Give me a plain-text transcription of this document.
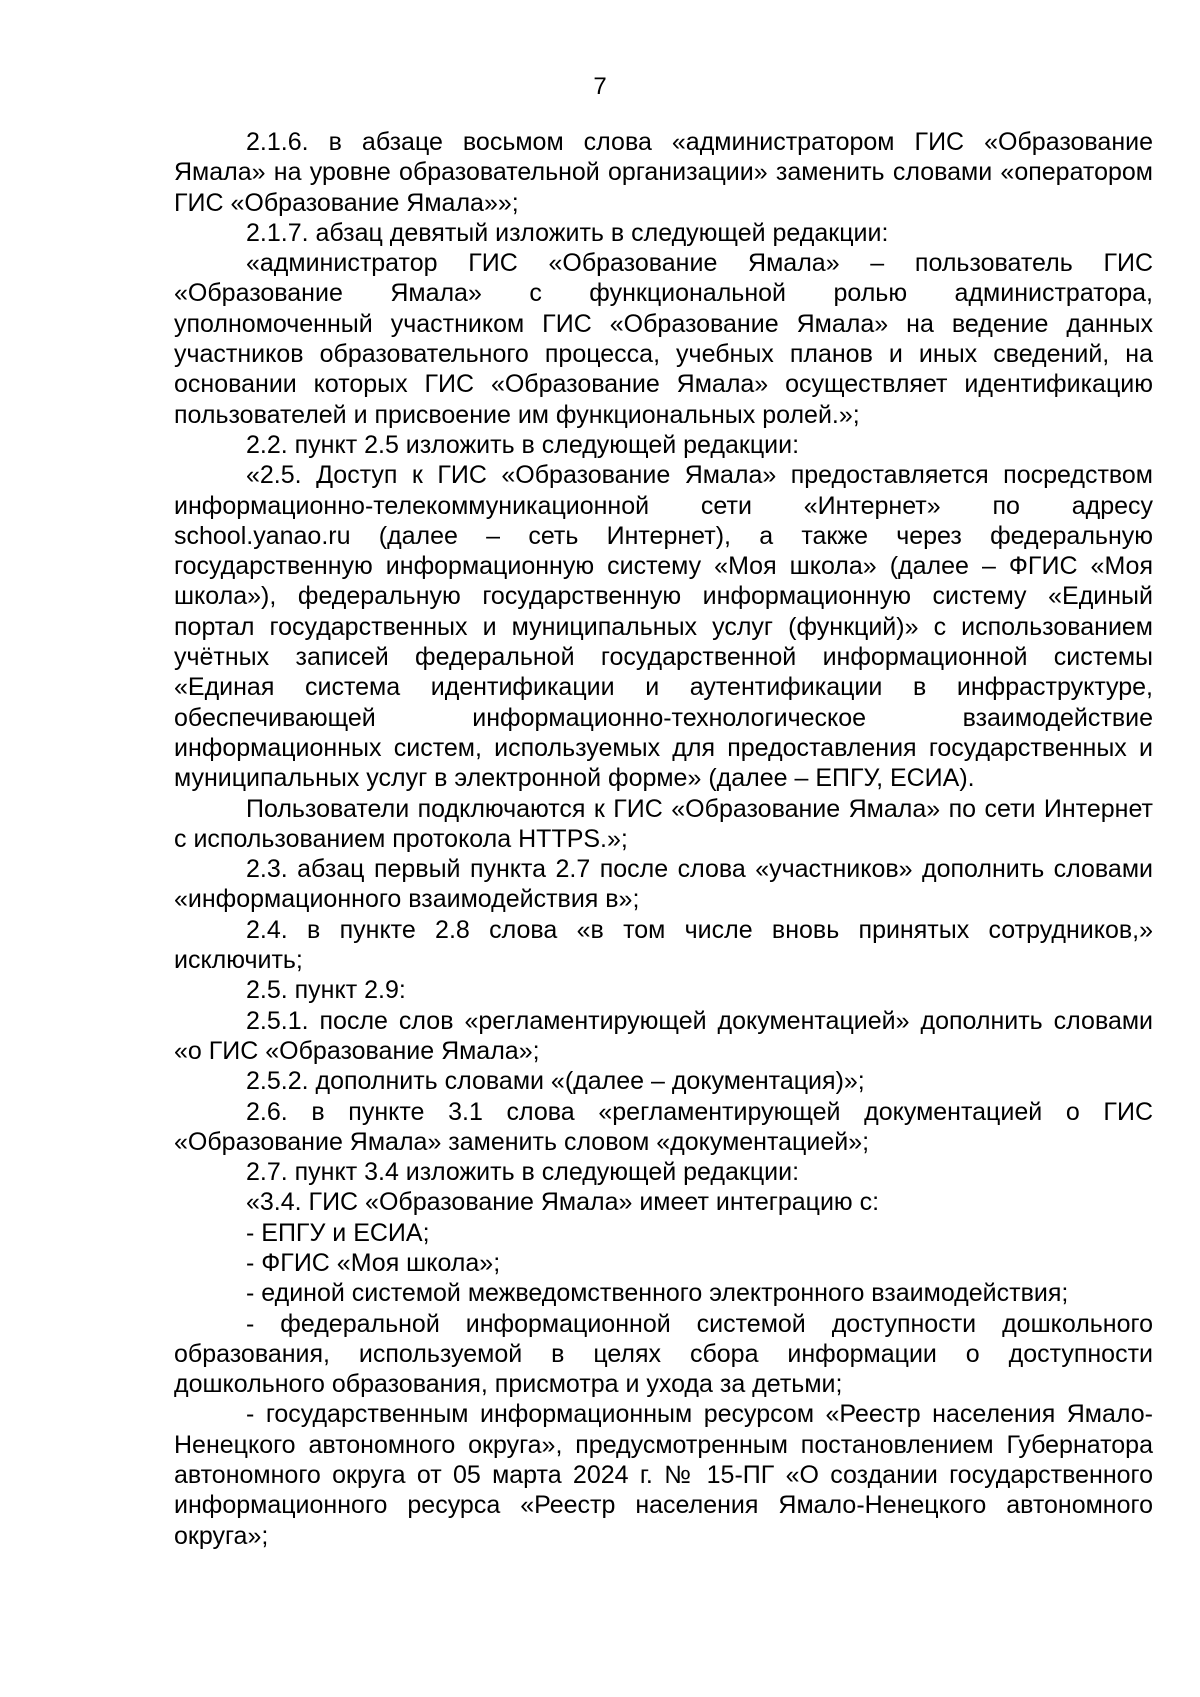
7

2.1.6. в абзаце восьмом слова «администратором ГИС «Образование Ямала» на уровне образовательной организации» заменить словами «оператором ГИС «Образование Ямала»»;

2.1.7. абзац девятый изложить в следующей редакции:

«администратор ГИС «Образование Ямала» – пользователь ГИС «Образование Ямала» с функциональной ролью администратора, уполномоченный участником ГИС «Образование Ямала» на ведение данных участников образовательного процесса, учебных планов и иных сведений, на основании которых ГИС «Образование Ямала» осуществляет идентификацию пользователей и присвоение им функциональных ролей.»;

2.2. пункт 2.5 изложить в следующей редакции:

«2.5. Доступ к ГИС «Образование Ямала» предоставляется посредством информационно-телекоммуникационной сети «Интернет» по адресу school.yanao.ru (далее – сеть Интернет), а также через федеральную государственную информационную систему «Моя школа» (далее – ФГИС «Моя школа»), федеральную государственную информационную систему «Единый портал государственных и муниципальных услуг (функций)» с использованием учётных записей федеральной государственной информационной системы «Единая система идентификации и аутентификации в инфраструктуре, обеспечивающей информационно-технологическое взаимодействие информационных систем, используемых для предоставления государственных и муниципальных услуг в электронной форме» (далее – ЕПГУ, ЕСИА).

Пользователи подключаются к ГИС «Образование Ямала» по сети Интернет с использованием протокола HTTPS.»;

2.3. абзац первый пункта 2.7 после слова «участников» дополнить словами «информационного взаимодействия в»;

2.4. в пункте 2.8 слова «в том числе вновь принятых сотрудников,» исключить;

2.5. пункт 2.9:

2.5.1. после слов «регламентирующей документацией» дополнить словами «о ГИС «Образование Ямала»;

2.5.2. дополнить словами «(далее – документация)»;

2.6. в пункте 3.1 слова «регламентирующей документацией о ГИС «Образование Ямала» заменить словом «документацией»;

2.7. пункт 3.4 изложить в следующей редакции:

«3.4. ГИС «Образование Ямала» имеет интеграцию с:

- ЕПГУ и ЕСИА;

- ФГИС «Моя школа»;

- единой системой межведомственного электронного взаимодействия;

- федеральной информационной системой доступности дошкольного образования, используемой в целях сбора информации о доступности дошкольного образования, присмотра и ухода за детьми;

- государственным информационным ресурсом «Реестр населения Ямало-Ненецкого автономного округа», предусмотренным постановлением Губернатора автономного округа от 05 марта 2024 г. № 15-ПГ «О создании государственного информационного ресурса «Реестр населения Ямало-Ненецкого автономного округа»;
